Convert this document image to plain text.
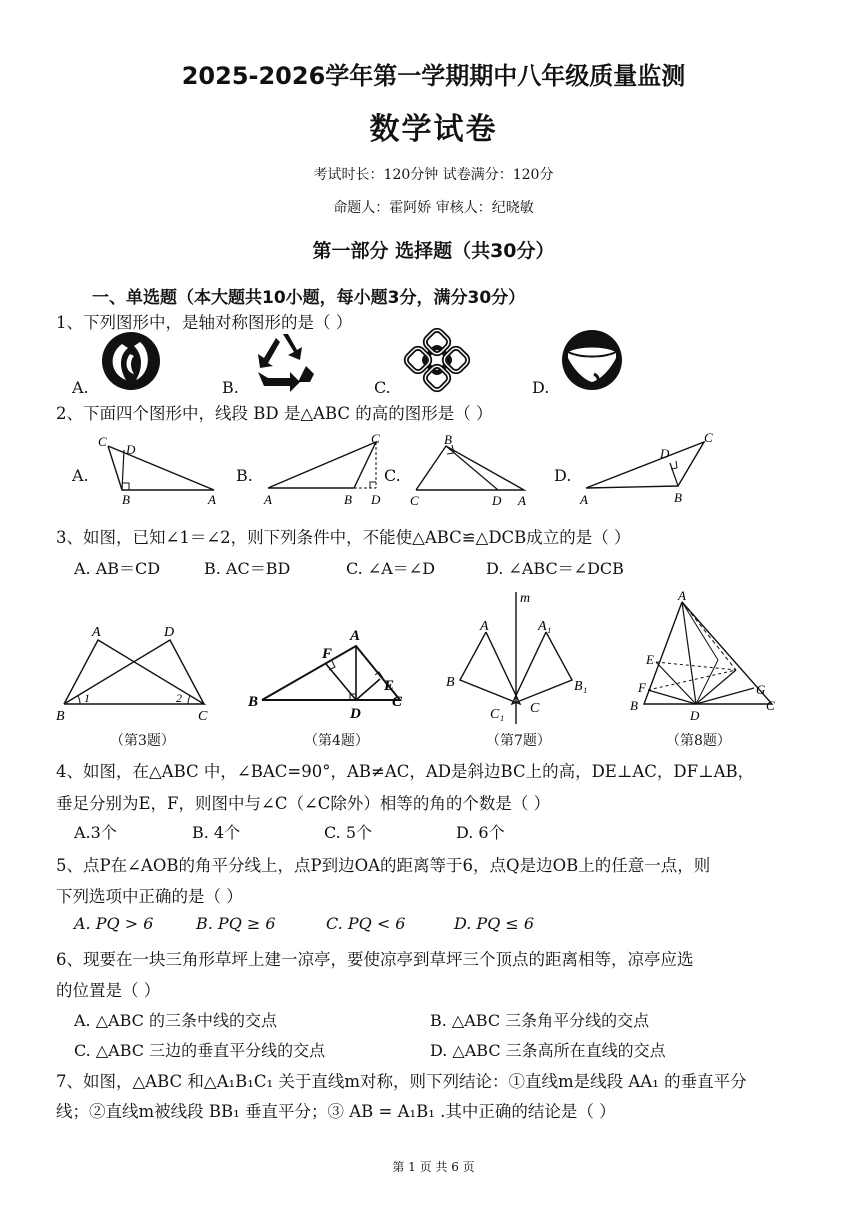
2025-2026学年第一学期期中八年级质量监测
数学试卷
考试时长：120分钟 试卷满分：120分
命题人：霍阿娇 审核人：纪晓敏
第一部分 选择题（共30分）
一、单选题（本大题共10小题，每小题3分，满分30分）
1、下列图形中，是轴对称图形的是（ ）
A.	B.	C.	D.
2、下面四个图形中，线段 BD 是△ABC 的高的图形是（ ）
A.	B.	C.	D.
C
D
B	A
C
A	B D
B
C	D A
C
D
A	B
3、如图，已知∠1＝∠2，则下列条件中，不能使△ABC≌△DCB成立的是（ ）
A. AB＝CD	B. AC＝BD	C. ∠A＝∠D	D. ∠ABC＝∠DCB
A	D
B	C
1	2
（第3题）
A
F
E
B
D
C
（第4题）
m
A	A₁
B	B₁
C₁ C
（第7题）
A
E
F
B
D
G
C
（第8题）
4、如图，在△ABC 中，∠BAC=90°，AB≠AC，AD是斜边BC上的高，DE⊥AC，DF⊥AB，
垂足分别为E，F，则图中与∠C（∠C除外）相等的角的个数是（ ）
A.3个	B. 4个	C. 5个	D. 6个
5、点P在∠AOB的角平分线上，点P到边OA的距离等于6，点Q是边OB上的任意一点，则
下列选项中正确的是（ ）
A. PQ > 6	B. PQ ≥ 6	C. PQ < 6	D. PQ ≤ 6
6、现要在一块三角形草坪上建一凉亭，要使凉亭到草坪三个顶点的距离相等，凉亭应选
的位置是（ ）
A. △ABC 的三条中线的交点	B. △ABC 三条角平分线的交点
C. △ABC 三边的垂直平分线的交点	D. △ABC 三条高所在直线的交点
7、如图，△ABC 和△A₁B₁C₁ 关于直线m对称，则下列结论：①直线m是线段 AA₁ 的垂直平分
线；②直线m被线段 BB₁ 垂直平分；③ AB = A₁B₁ .其中正确的结论是（ ）
第 1 页 共 6 页
